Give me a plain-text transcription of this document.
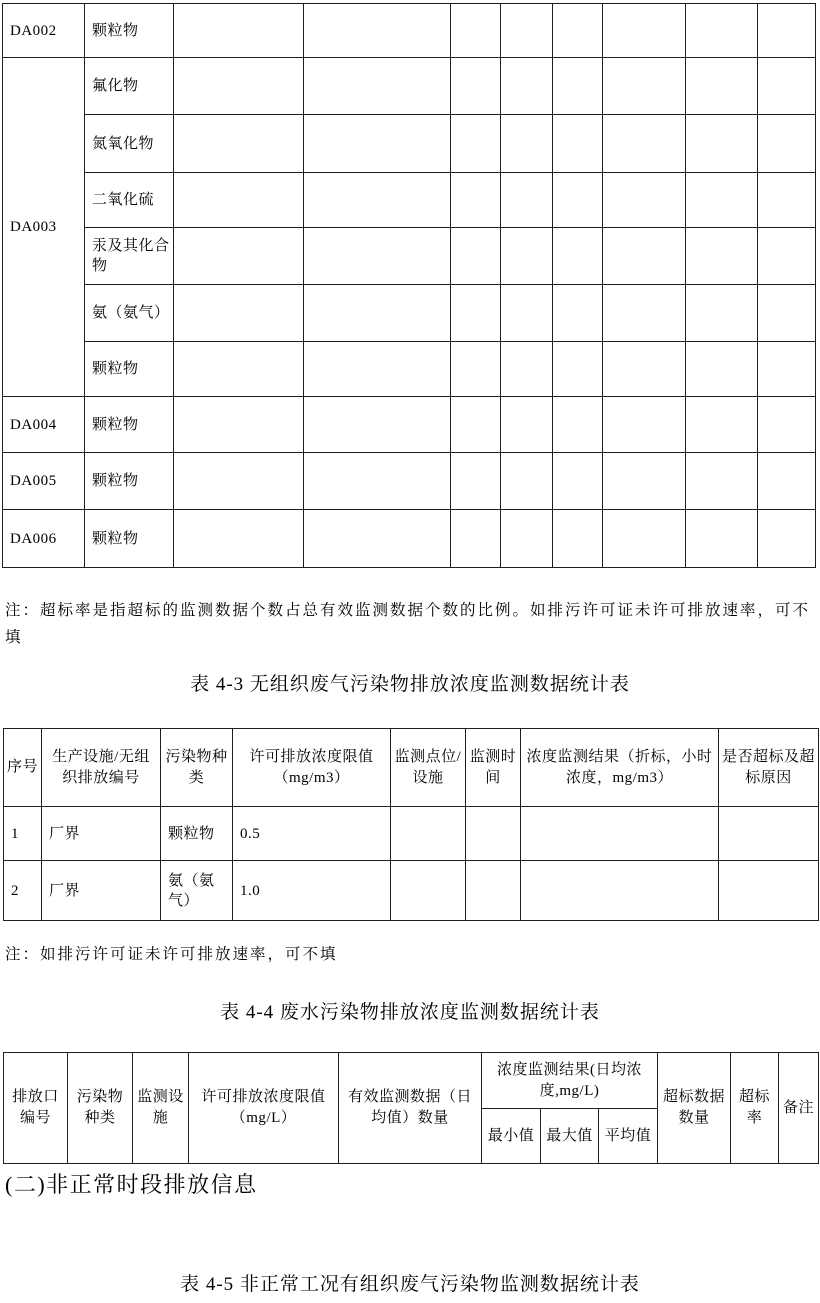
DA002	颗粒物								
DA003	氟化物								
	氮氧化物								
	二氧化硫								
	汞及其化合物								
	氨（氨气）								
	颗粒物								
DA004	颗粒物								
DA005	颗粒物								
DA006	颗粒物								
注：超标率是指超标的监测数据个数占总有效监测数据个数的比例。如排污许可证未许可排放速率，可不填
表 4-3 无组织废气污染物排放浓度监测数据统计表
序号	生产设施/无组织排放编号	污染物种类	许可排放浓度限值（mg/m3）	监测点位/设施	监测时间	浓度监测结果（折标，小时浓度，mg/m3）	是否超标及超标原因
1	厂界	颗粒物	0.5				
2	厂界	氨（氨气）	1.0				
注：如排污许可证未许可排放速率，可不填
表 4-4 废水污染物排放浓度监测数据统计表
排放口编号	污染物种类	监测设施	许可排放浓度限值（mg/L）	有效监测数据（日均值）数量	浓度监测结果(日均浓度,mg/L)			超标数据数量	超标率	备注
					最小值	最大值	平均值			
(二)非正常时段排放信息
表 4-5 非正常工况有组织废气污染物监测数据统计表
